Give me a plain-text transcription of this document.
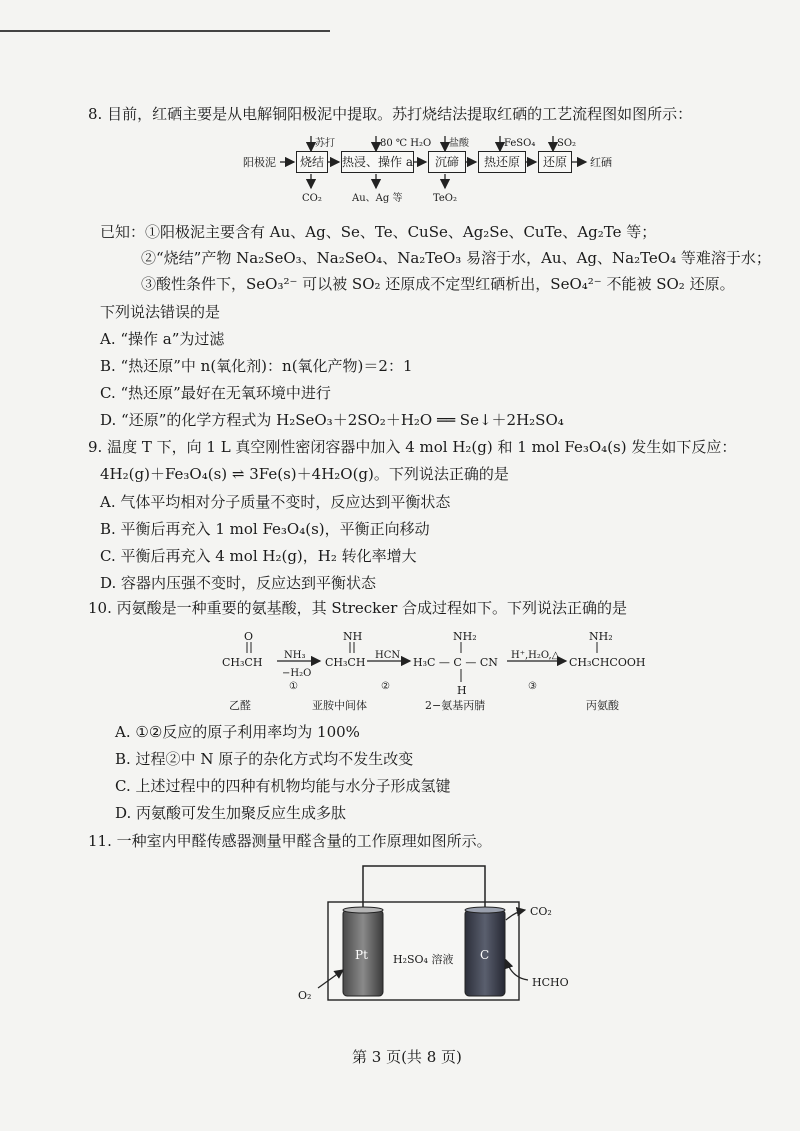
8. 目前，红硒主要是从电解铜阳极泥中提取。苏打烧结法提取红硒的工艺流程图如图所示：
阳极泥	烧结	热浸、操作 a	沉碲	热还原	还原	红硒
苏打	80 ℃ H₂O 盐酸	FeSO₄ SO₂
CO₂	Au、Ag 等	TeO₂
已知：①阳极泥主要含有 Au、Ag、Se、Te、CuSe、Ag₂Se、CuTe、Ag₂Te 等；
②“烧结”产物 Na₂SeO₃、Na₂SeO₄、Na₂TeO₃ 易溶于水，Au、Ag、Na₂TeO₄ 等难溶于水；
③酸性条件下，SeO₃²⁻ 可以被 SO₂ 还原成不定型红硒析出，SeO₄²⁻ 不能被 SO₂ 还原。
下列说法错误的是
A. “操作 a”为过滤
B. “热还原”中 n(氧化剂)：n(氧化产物)＝2：1
C. “热还原”最好在无氧环境中进行
D. “还原”的化学方程式为 H₂SeO₃＋2SO₂＋H₂O ══ Se↓＋2H₂SO₄
9. 温度 T 下，向 1 L 真空刚性密闭容器中加入 4 mol H₂(g) 和 1 mol Fe₃O₄(s) 发生如下反应：
4H₂(g)＋Fe₃O₄(s) ⇌ 3Fe(s)＋4H₂O(g)。下列说法正确的是
A. 气体平均相对分子质量不变时，反应达到平衡状态
B. 平衡后再充入 1 mol Fe₃O₄(s)，平衡正向移动
C. 平衡后再充入 4 mol H₂(g)，H₂ 转化率增大
D. 容器内压强不变时，反应达到平衡状态
10. 丙氨酸是一种重要的氨基酸，其 Strecker 合成过程如下。下列说法正确的是
O
CH₃CH
NH₃
−H₂O
①
NH
CH₃CH
HCN
②
NH₂
H₃C — C — CN
H
H⁺,H₂O,△
③
NH₂
CH₃CHCOOH
乙醛	亚胺中间体	2−氨基丙腈	丙氨酸
A. ①②反应的原子利用率均为 100%
B. 过程②中 N 原子的杂化方式均不发生改变
C. 上述过程中的四种有机物均能与水分子形成氢键
D. 丙氨酸可发生加聚反应生成多肽
11. 一种室内甲醛传感器测量甲醛含量的工作原理如图所示。
Pt	C
H₂SO₄ 溶液
O₂
CO₂
HCHO
第 3 页(共 8 页)
